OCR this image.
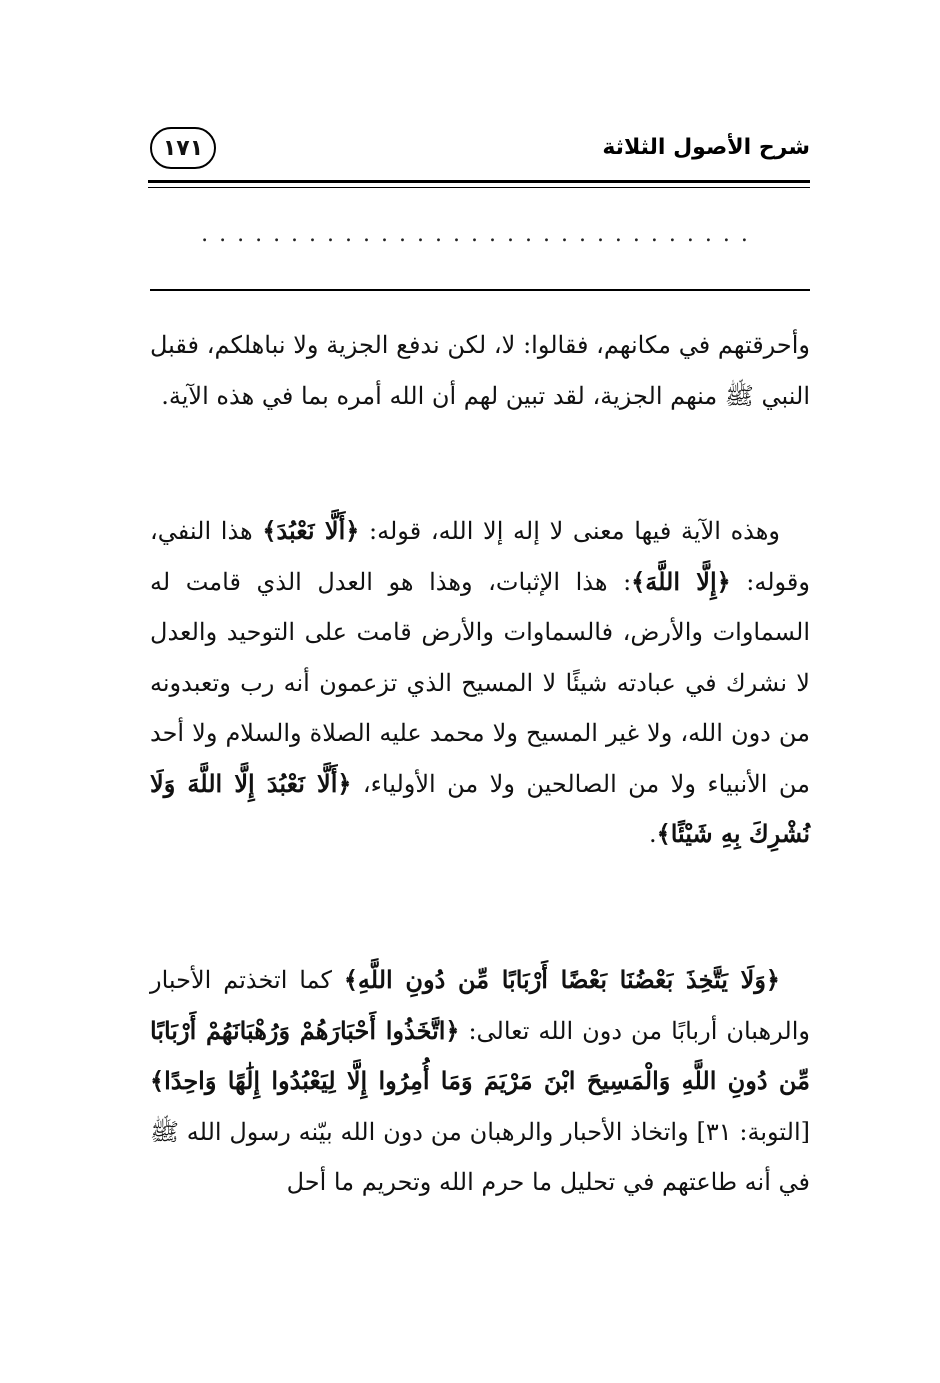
شرح الأصول الثلاثة
١٧١
...............................
وأحرقتهم في مكانهم، فقالوا: لا، لكن ندفع الجزية ولا نباهلكم، فقبل النبي ﷺ منهم الجزية، لقد تبين لهم أن الله أمره بما في هذه الآية.
وهذه الآية فيها معنى لا إله إلا الله، قوله: ﴿أَلَّا نَعْبُدَ﴾ هذا النفي، وقوله: ﴿إِلَّا اللَّهَ﴾: هذا الإثبات، وهذا هو العدل الذي قامت له السماوات والأرض، فالسماوات والأرض قامت على التوحيد والعدل لا نشرك في عبادته شيئًا لا المسيح الذي تزعمون أنه رب وتعبدونه من دون الله، ولا غير المسيح ولا محمد عليه الصلاة والسلام ولا أحد من الأنبياء ولا من الصالحين ولا من الأولياء، ﴿أَلَّا نَعْبُدَ إِلَّا اللَّهَ وَلَا نُشْرِكَ بِهِ شَيْئًا﴾.
﴿وَلَا يَتَّخِذَ بَعْضُنَا بَعْضًا أَرْبَابًا مِّن دُونِ اللَّهِ﴾ كما اتخذتم الأحبار والرهبان أربابًا من دون الله تعالى: ﴿اتَّخَذُوا أَحْبَارَهُمْ وَرُهْبَانَهُمْ أَرْبَابًا مِّن دُونِ اللَّهِ وَالْمَسِيحَ ابْنَ مَرْيَمَ وَمَا أُمِرُوا إِلَّا لِيَعْبُدُوا إِلَٰهًا وَاحِدًا﴾ [التوبة: ٣١] واتخاذ الأحبار والرهبان من دون الله بيّنه رسول الله ﷺ في أنه طاعتهم في تحليل ما حرم الله وتحريم ما أحل
